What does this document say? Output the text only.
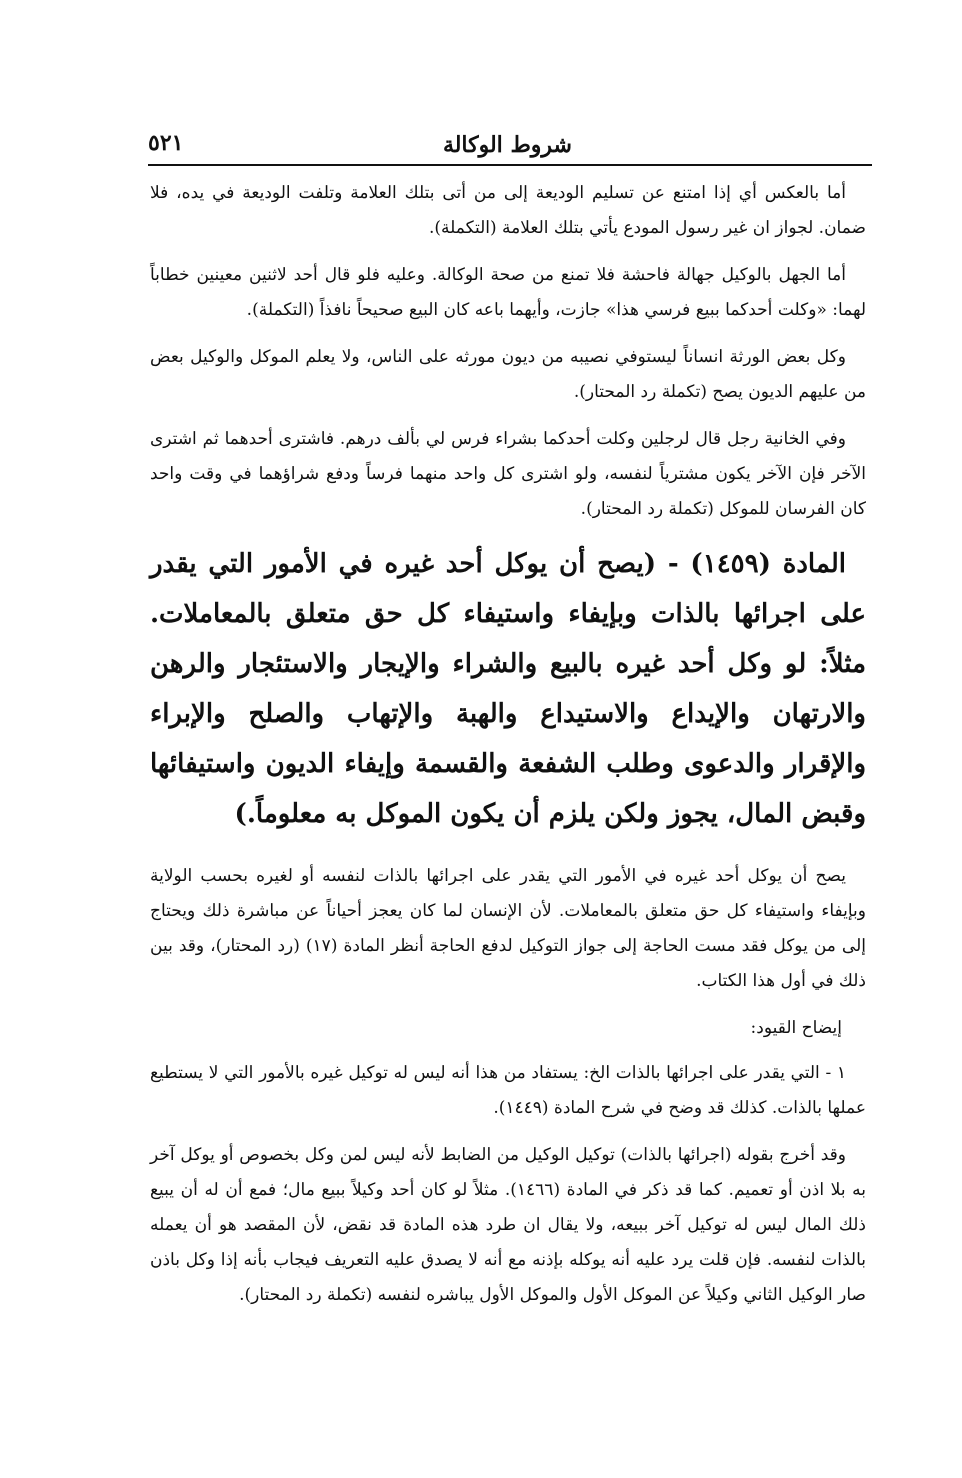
شروط الوكالة
٥٢١

أما بالعكس أي إذا امتنع عن تسليم الوديعة إلى من أتى بتلك العلامة وتلفت الوديعة في يده، فلا ضمان. لجواز ان غير رسول المودع يأتي بتلك العلامة (التكملة).

أما الجهل بالوكيل جهالة فاحشة فلا تمنع من صحة الوكالة. وعليه فلو قال أحد لاثنين معينين خطاباً لهما: «وكلت أحدكما ببيع فرسي هذا» جازت، وأيهما باعه كان البيع صحيحاً نافذاً (التكملة).

وكل بعض الورثة انساناً ليستوفي نصيبه من ديون مورثه على الناس، ولا يعلم الموكل والوكيل بعض من عليهم الديون يصح (تكملة رد المحتار).

وفي الخانية رجل قال لرجلين وكلت أحدكما بشراء فرس لي بألف درهم. فاشترى أحدهما ثم اشترى الآخر فإن الآخر يكون مشترياً لنفسه، ولو اشترى كل واحد منهما فرساً ودفع شراؤهما في وقت واحد كان الفرسان للموكل (تكملة رد المحتار).

المادة (١٤٥٩) - (يصح أن يوكل أحد غيره في الأمور التي يقدر على اجرائها بالذات وبإيفاء واستيفاء كل حق متعلق بالمعاملات. مثلاً: لو وكل أحد غيره بالبيع والشراء والإيجار والاستئجار والرهن والارتهان والإيداع والاستيداع والهبة والإتهاب والصلح والإبراء والإقرار والدعوى وطلب الشفعة والقسمة وإيفاء الديون واستيفائها وقبض المال، يجوز ولكن يلزم أن يكون الموكل به معلوماً.)

يصح أن يوكل أحد غيره في الأمور التي يقدر على اجرائها بالذات لنفسه أو لغيره بحسب الولاية وبإيفاء واستيفاء كل حق متعلق بالمعاملات. لأن الإنسان لما كان يعجز أحياناً عن مباشرة ذلك ويحتاج إلى من يوكل فقد مست الحاجة إلى جواز التوكيل لدفع الحاجة أنظر المادة (١٧) (رد المحتار)، وقد بين ذلك في أول هذا الكتاب.

إيضاح القيود:

١ - التي يقدر على اجرائها بالذات الخ: يستفاد من هذا أنه ليس له توكيل غيره بالأمور التي لا يستطيع عملها بالذات. كذلك قد وضح في شرح المادة (١٤٤٩).

وقد أخرج بقوله (اجرائها بالذات) توكيل الوكيل من الضابط لأنه ليس لمن وكل بخصوص أو يوكل آخر به بلا اذن أو تعميم. كما قد ذكر في المادة (١٤٦٦). مثلاً لو كان أحد وكيلاً ببيع مال؛ فمع أن له أن يبيع ذلك المال ليس له توكيل آخر ببيعه، ولا يقال ان طرد هذه المادة قد نقض، لأن المقصد هو أن يعمله بالذات لنفسه. فإن قلت يرد عليه أنه يوكله بإذنه مع أنه لا يصدق عليه التعريف فيجاب بأنه إذا وكل باذن صار الوكيل الثاني وكيلاً عن الموكل الأول والموكل الأول يباشره لنفسه (تكملة رد المحتار).
